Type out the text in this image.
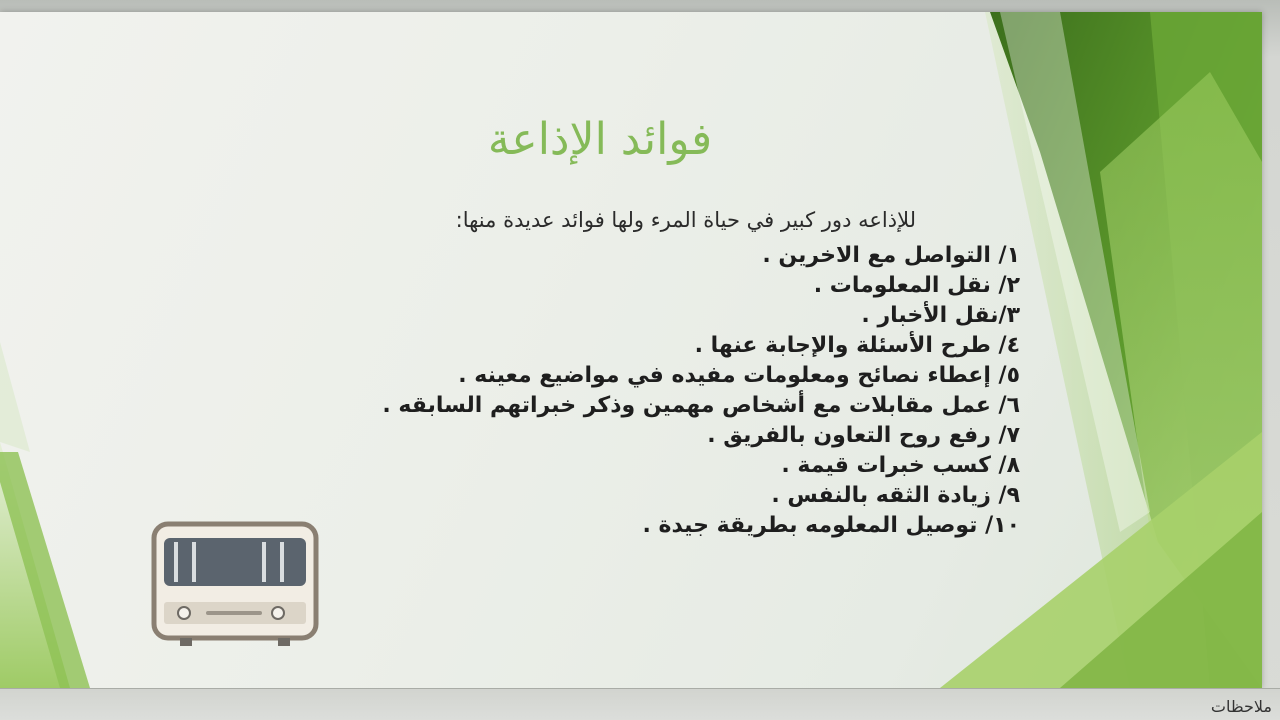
فوائد الإذاعة

للإذاعه دور كبير في حياة المرء ولها فوائد عديدة منها:

١/ التواصل مع الاخرين .
٢/ نقل المعلومات .
٣/نقل الأخبار .
٤/ طرح الأسئلة والإجابة عنها .
٥/ إعطاء نصائح ومعلومات مفيده في مواضيع معينه .
٦/ عمل مقابلات مع أشخاص مهمين وذكر خبراتهم السابقه .
٧/ رفع روح التعاون بالفريق .
٨/ كسب خبرات قيمة .
٩/ زيادة الثقه بالنفس .
١٠/ توصيل المعلومه بطريقة جيدة .
ملاحظات
